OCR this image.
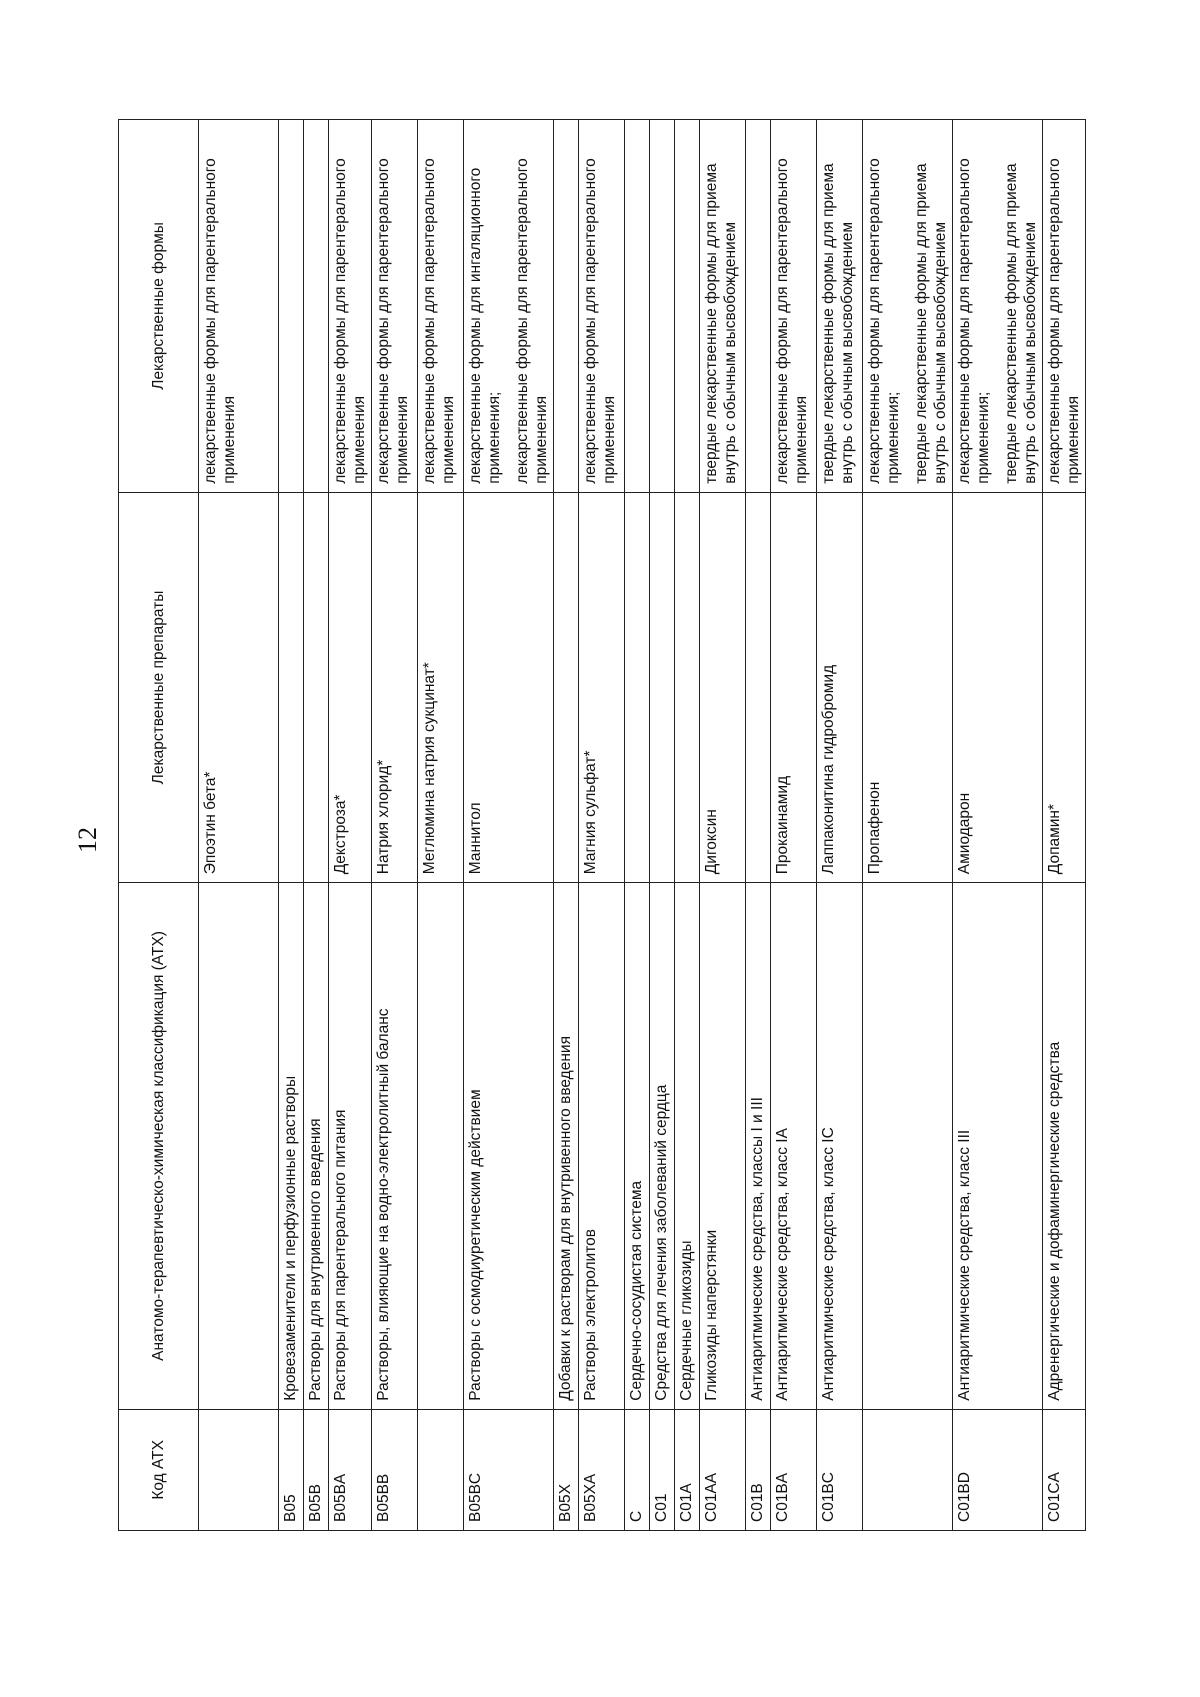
12
Код АТХ	Анатомо-терапевтическо-химическая классификация (АТХ)	Лекарственные препараты	Лекарственные формы
		Эпоэтин бета*	лекарственные формы для парентерального применения

B05	Кровезаменители и перфузионные растворы		
B05B	Растворы для внутривенного введения		
B05BA	Растворы для парентерального питания	Декстроза*	лекарственные формы для парентерального применения

B05BB	Растворы, влияющие на водно-электролитный баланс	Натрия хлорид*	лекарственные формы для парентерального применения

		Меглюмина натрия сукцинат*	лекарственные формы для парентерального применения

B05BC	Растворы с осмодиуретическим действием	Маннитол	лекарственные формы для ингаляционного применения; лекарственные формы для парентерального применения

B05X	Добавки к растворам для внутривенного введения		
B05XA	Растворы электролитов	Магния сульфат*	лекарственные формы для парентерального применения

C	Сердечно-сосудистая система		
C01	Средства для лечения заболеваний сердца		
C01A	Сердечные гликозиды		
C01AA	Гликозиды наперстянки	Дигоксин	твердые лекарственные формы для приема внутрь с обычным высвобождением

C01B	Антиаритмические средства, классы I и III		
C01BA	Антиаритмические средства, класс IA	Прокаинамид	лекарственные формы для парентерального применения

C01BC	Антиаритмические средства, класс IC	Лаппаконитина гидробромид	твердые лекарственные формы для приема внутрь с обычным высвобождением

		Пропафенон	лекарственные формы для парентерального применения; твердые лекарственные формы для приема внутрь с обычным высвобождением

C01BD	Антиаритмические средства, класс III	Амиодарон	лекарственные формы для парентерального применения; твердые лекарственные формы для приема внутрь с обычным высвобождением

C01CA	Адренергические и дофаминергические средства	Допамин*	лекарственные формы для парентерального применения
